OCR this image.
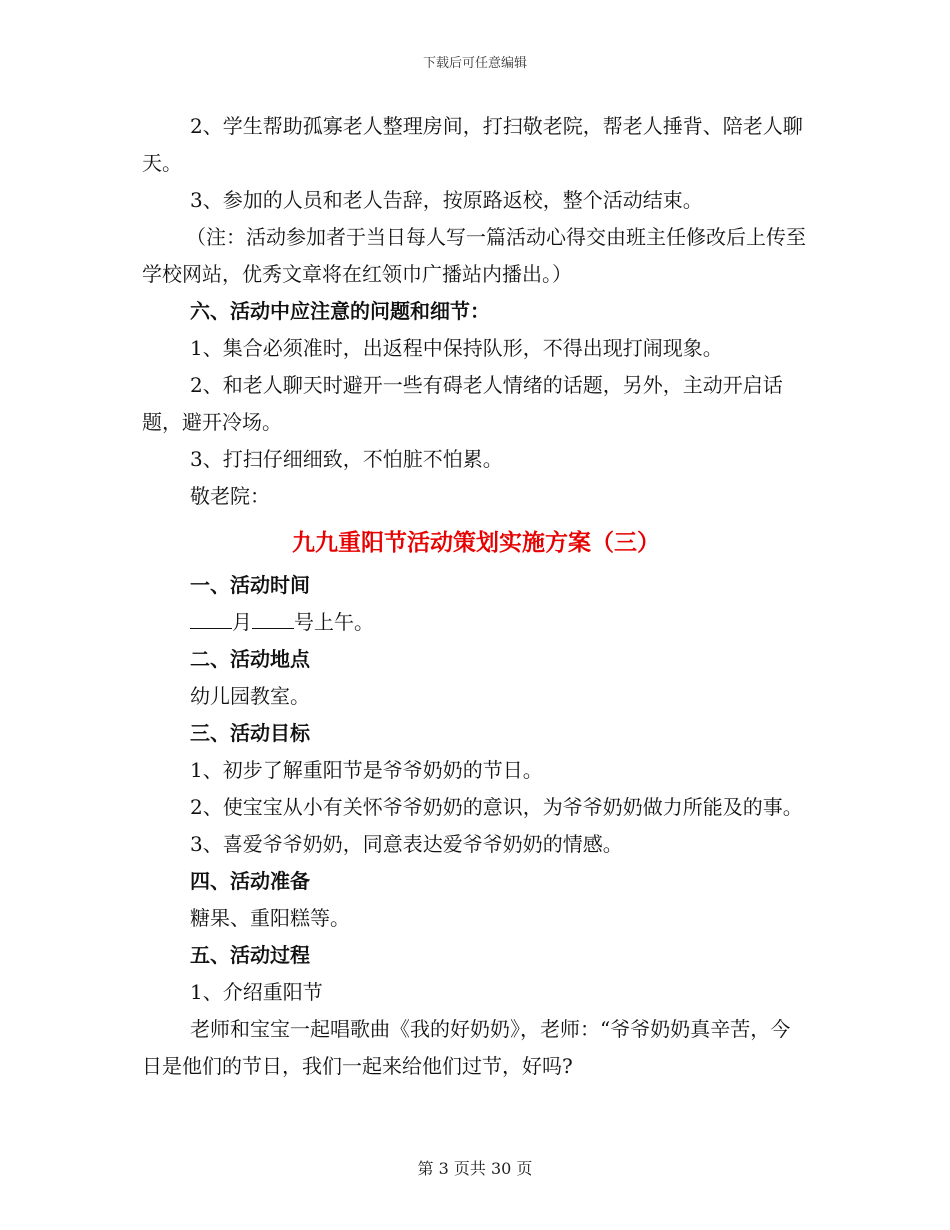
下载后可任意编辑

2、学生帮助孤寡老人整理房间，打扫敬老院，帮老人捶背、陪老人聊天。

3、参加的人员和老人告辞，按原路返校，整个活动结束。

（注：活动参加者于当日每人写一篇活动心得交由班主任修改后上传至学校网站，优秀文章将在红领巾广播站内播出。）

六、活动中应注意的问题和细节：

1、集合必须准时，出返程中保持队形，不得出现打闹现象。

2、和老人聊天时避开一些有碍老人情绪的话题，另外，主动开启话题，避开冷场。

3、打扫仔细细致，不怕脏不怕累。

敬老院：

九九重阳节活动策划实施方案（三）

一、活动时间

月 号上午。

二、活动地点

幼儿园教室。

三、活动目标

1、初步了解重阳节是爷爷奶奶的节日。

2、使宝宝从小有关怀爷爷奶奶的意识，为爷爷奶奶做力所能及的事。

3、喜爱爷爷奶奶，同意表达爱爷爷奶奶的情感。

四、活动准备

糖果、重阳糕等。

五、活动过程

1、介绍重阳节

老师和宝宝一起唱歌曲《我的好奶奶》，老师：“爷爷奶奶真辛苦，今日是他们的节日，我们一起来给他们过节，好吗?

第 3 页共 30 页
